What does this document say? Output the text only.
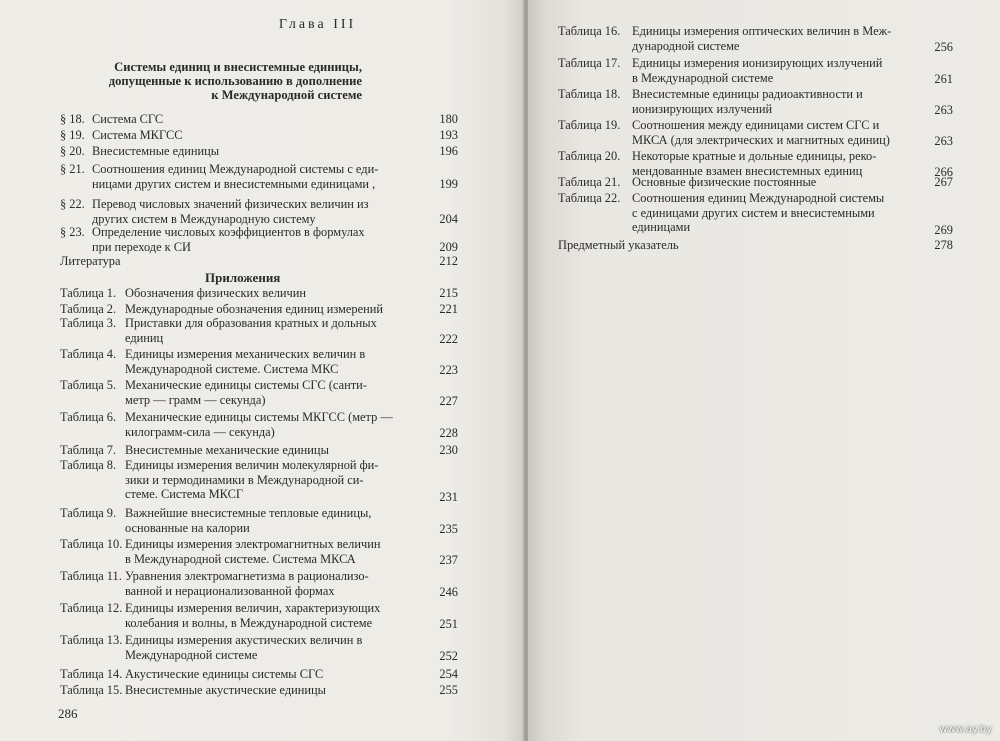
Глава III
Системы единиц и внесистемные единицы,
допущенные к использованию в дополнение
к Международной системе
§ 18. Система СГС	180
§ 19. Система МКГСС	193
§ 20. Внесистемные единицы	196
§ 21. Соотношения единиц Международной системы с еди-
ницами других систем и внесистемными единицами ,	199
§ 22. Перевод числовых значений физических величин из
других систем в Международную систему	204
§ 23. Определение числовых коэффициентов в формулах
при переходе к СИ	209
Литература	212
Приложения
Таблица 1. Обозначения физических величин	215
Таблица 2. Международные обозначения единиц измерений	221
Таблица 3. Приставки для образования кратных и дольных
единиц	222
Таблица 4. Единицы измерения механических величин в
Международной системе. Система МКС	223
Таблица 5. Механические единицы системы СГС (санти-
метр — грамм — секунда)	227
Таблица 6. Механические единицы системы МКГСС (метр —
килограмм-сила — секунда)	228
Таблица 7. Внесистемные механические единицы	230
Таблица 8. Единицы измерения величин молекулярной фи-
зики и термодинамики в Международной си-
стеме. Система МКСГ	231
Таблица 9. Важнейшие внесистемные тепловые единицы,
основанные на калории	235
Таблица 10. Единицы измерения электромагнитных величин
в Международной системе. Система МКСА	237
Таблица 11. Уравнения электромагнетизма в рационализо-
ванной и нерационализованной формах	246
Таблица 12. Единицы измерения величин, характеризующих
колебания и волны, в Международной системе	251
Таблица 13. Единицы измерения акустических величин в
Международной системе	252
Таблица 14. Акустические единицы системы СГС	254
Таблица 15. Внесистемные акустические единицы	255
286
Таблица 16. Единицы измерения оптических величин в Меж-
дународной системе	256
Таблица 17. Единицы измерения ионизирующих излучений
в Международной системе	261
Таблица 18. Внесистемные единицы радиоактивности и
ионизирующих излучений	263
Таблица 19. Соотношения между единицами систем СГС и
МКСА (для электрических и магнитных единиц)	263
Таблица 20. Некоторые кратные и дольные единицы, реко-
мендованные взамен внесистемных единиц	266
Таблица 21. Основные физические постоянные	267
Таблица 22. Соотношения единиц Международной системы
с единицами других систем и внесистемными
единицами	269
Предметный указатель	278
www.ay.by
